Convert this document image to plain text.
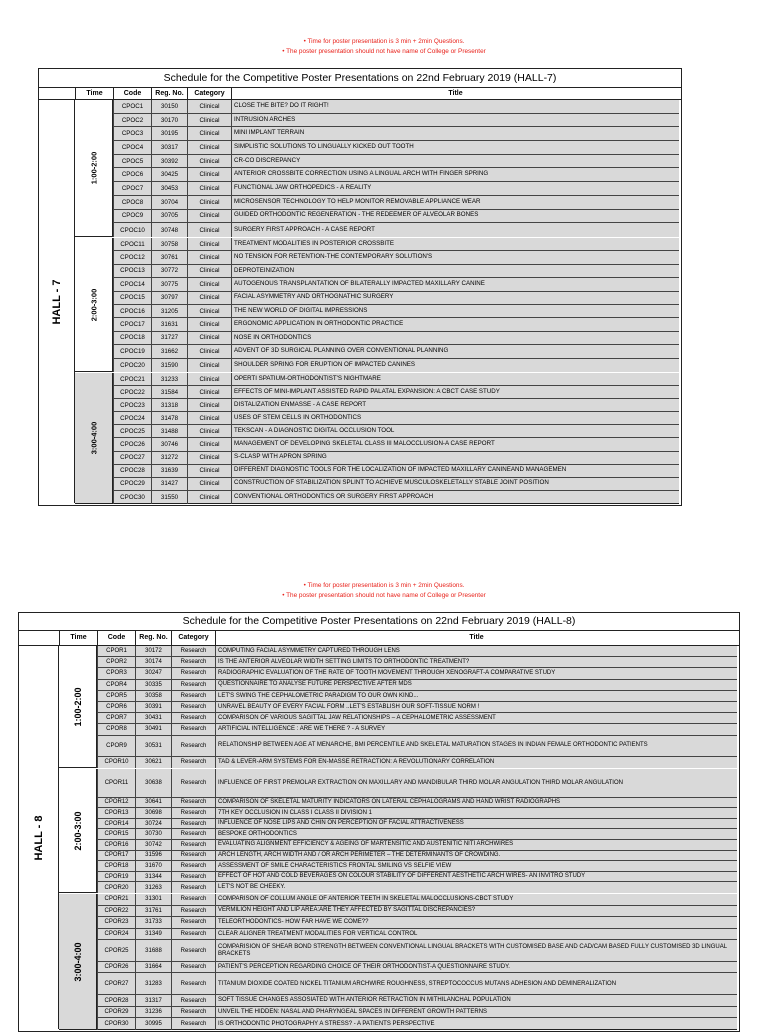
• Time for poster presentation is 3 min + 2min Questions.
• The poster presentation should not have name of College or Presenter
Schedule for the Competitive Poster Presentations on 22nd February 2019 (HALL-7)
Time	Code	Reg. No.	Category	Title
HALL - 7
1:00-2:00
CPOC1	30150	Clinical	CLOSE THE BITE? DO IT RIGHT!
CPOC2	30170	Clinical	INTRUSION ARCHES
CPOC3	30195	Clinical	MINI IMPLANT TERRAIN
CPOC4	30317	Clinical	SIMPLISTIC SOLUTIONS TO LINGUALLY KICKED OUT TOOTH
CPOC5	30392	Clinical	CR-CO DISCREPANCY
CPOC6	30425	Clinical	ANTERIOR CROSSBITE CORRECTION USING A LINGUAL ARCH WITH FINGER SPRING
CPOC7	30453	Clinical	FUNCTIONAL JAW ORTHOPEDICS - A REALITY
CPOC8	30704	Clinical	MICROSENSOR TECHNOLOGY TO HELP MONITOR REMOVABLE APPLIANCE WEAR
CPOC9	30705	Clinical	GUIDED ORTHODONTIC REGENERATION - THE REDEEMER OF ALVEOLAR BONES
CPOC10	30748	Clinical	SURGERY FIRST APPROACH - A CASE REPORT
2:00-3:00
CPOC11	30758	Clinical	TREATMENT MODALITIES IN POSTERIOR CROSSBITE
CPOC12	30761	Clinical	NO TENSION FOR RETENTION-THE CONTEMPORARY SOLUTION'S
CPOC13	30772	Clinical	DEPROTEINIZATION
CPOC14	30775	Clinical	AUTOGENOUS TRANSPLANTATION OF BILATERALLY IMPACTED MAXILLARY CANINE
CPOC15	30797	Clinical	FACIAL ASYMMETRY AND ORTHOGNATHIC SURGERY
CPOC16	31205	Clinical	THE NEW WORLD OF DIGITAL IMPRESSIONS
CPOC17	31631	Clinical	ERGONOMIC APPLICATION IN ORTHODONTIC PRACTICE
CPOC18	31727	Clinical	NOSE IN ORTHODONTICS
CPOC19	31662	Clinical	ADVENT OF 3D SURGICAL PLANNING OVER CONVENTIONAL PLANNING
CPOC20	31590	Clinical	SHOULDER SPRING FOR ERUPTION OF IMPACTED CANINES
3:00-4:00
CPOC21	31233	Clinical	OPERTI SPATIUM-ORTHODONTIST'S NIGHTMARE
CPOC22	31584	Clinical	EFFECTS OF MINI-IMPLANT ASSISTED RAPID PALATAL EXPANSION: A CBCT CASE STUDY
CPOC23	31318	Clinical	DISTALIZATION ENMASSE - A CASE REPORT
CPOC24	31478	Clinical	USES OF STEM CELLS IN ORTHODONTICS
CPOC25	31488	Clinical	TEKSCAN - A DIAGNOSTIC DIGITAL OCCLUSION TOOL
CPOC26	30746	Clinical	MANAGEMENT OF DEVELOPING SKELETAL CLASS III MALOCCLUSION-A CASE REPORT
CPOC27	31272	Clinical	S-CLASP WITH APRON SPRING
CPOC28	31639	Clinical	DIFFERENT DIAGNOSTIC TOOLS FOR THE LOCALIZATION OF IMPACTED MAXILLARY CANINEAND MANAGEMEN
CPOC29	31427	Clinical	CONSTRUCTION OF STABILIZATION SPLINT TO ACHIEVE MUSCULOSKELETALLY STABLE JOINT POSITION
CPOC30	31550	Clinical	CONVENTIONAL ORTHODONTICS OR SURGERY FIRST APPROACH
• Time for poster presentation is 3 min + 2min Questions.
• The poster presentation should not have name of College or Presenter
Schedule for the Competitive Poster Presentations on 22nd February 2019 (HALL-8)
Time	Code	Reg. No.	Category	Title
HALL - 8
1:00-2:00
CPOR1	30172	Research	COMPUTING FACIAL ASYMMETRY CAPTURED THROUGH LENS
CPOR2	30174	Research	IS THE ANTERIOR ALVEOLAR WIDTH SETTING LIMITS TO ORTHODONTIC TREATMENT?
CPOR3	30247	Research	RADIOGRAPHIC EVALUATION OF THE RATE OF TOOTH MOVEMENT THROUGH XENOGRAFT-A COMPARATIVE STUDY
CPOR4	30335	Research	QUESTIONNAIRE TO ANALYSE FUTURE PERSPECTIVE AFTER MDS
CPOR5	30358	Research	LET'S SWING THE CEPHALOMETRIC PARADIGM TO OUR OWN KIND...
CPOR6	30391	Research	UNRAVEL BEAUTY OF EVERY FACIAL FORM ..LET'S ESTABLISH OUR SOFT-TISSUE NORM !
CPOR7	30431	Research	COMPARISON OF VARIOUS SAGITTAL JAW RELATIONSHIPS – A CEPHALOMETRIC ASSESSMENT
CPOR8	30491	Research	ARTIFICIAL INTELLIGENCE : ARE WE THERE ? - A SURVEY
CPOR9	30531	Research	RELATIONSHIP BETWEEN AGE AT MENARCHE, BMI PERCENTILE AND SKELETAL MATURATION STAGES IN INDIAN FEMALE ORTHODONTIC PATIENTS
CPOR10	30621	Research	TAD & LEVER-ARM SYSTEMS FOR EN-MASSE RETRACTION: A REVOLUTIONARY CORRELATION
2:00-3:00
CPOR11	30638	Research	INFLUENCE OF FIRST PREMOLAR EXTRACTION ON MAXILLARY AND MANDIBULAR THIRD MOLAR ANGULATION THIRD MOLAR ANGULATION
CPOR12	30641	Research	COMPARISON OF SKELETAL MATURITY INDICATORS ON LATERAL CEPHALOGRAMS AND HAND WRIST RADIOGRAPHS
CPOR13	30698	Research	7TH KEY OCCLUSION IN CLASS I CLASS II DIVISION 1
CPOR14	30724	Research	INFLUENCE OF NOSE LIPS AND CHIN ON PERCEPTION OF FACIAL ATTRACTIVENESS
CPOR15	30730	Research	BESPOKE ORTHODONTICS
CPOR16	30742	Research	EVALUATING ALIGNMENT EFFICIENCY & AGEING OF MARTENSITIC AND AUSTENITIC NITI ARCHWIRES
CPOR17	31596	Research	ARCH LENGTH, ARCH WIDTH AND / OR ARCH PERIMETER – THE DETERMINANTS OF CROWDING.
CPOR18	31670	Research	ASSESSMENT OF SMILE CHARACTERISTICS FRONTAL SMILING VS SELFIE VIEW
CPOR19	31344	Research	EFFECT OF HOT AND COLD BEVERAGES ON COLOUR STABILITY OF DIFFERENT AESTHETIC ARCH WIRES- AN INVITRO STUDY
CPOR20	31263	Research	LET'S NOT BE CHEEKY.
3:00-4:00
CPOR21	31301	Research	COMPARISON OF COLLUM ANGLE OF ANTERIOR TEETH IN SKELETAL MALOCCLUSIONS-CBCT STUDY
CPOR22	31761	Research	VERMILION HEIGHT AND LIP AREA:ARE THEY AFFECTED BY SAGITTAL DISCREPANCIES?
CPOR23	31733	Research	TELEORTHODONTICS- HOW FAR HAVE WE COME??
CPOR24	31349	Research	CLEAR ALIGNER TREATMENT MODALITIES FOR VERTICAL CONTROL
CPOR25	31688	Research
COMPARISION OF SHEAR BOND STRENGTH BETWEEN CONVENTIONAL LINGUAL BRACKETS WITH CUSTOMISED BASE AND CAD/CAM BASED FULLY CUSTOMISED 3D LINGUAL BRACKETS
CPOR26	31664	Research	PATIENT'S PERCEPTION REGARDING CHOICE OF THEIR ORTHODONTIST-A QUESTIONNAIRE STUDY.
CPOR27	31283	Research	TITANIUM DIOXIDE COATED NICKEL TITANIUM ARCHWIRE ROUGHNESS, STREPTOCOCCUS MUTANS ADHESION AND DEMINERALIZATION
CPOR28	31317	Research	SOFT TISSUE CHANGES ASSOSIATED WITH ANTERIOR RETRACTION IN MITHILANCHAL POPULATION
CPOR29	31236	Research	UNVEIL THE HIDDEN: NASAL AND PHARYNGEAL SPACES IN DIFFERENT GROWTH PATTERNS
CPOR30	30995	Research	IS ORTHODONTIC PHOTOGRAPHY A STRESS? - A PATIENTS PERSPECTIVE
